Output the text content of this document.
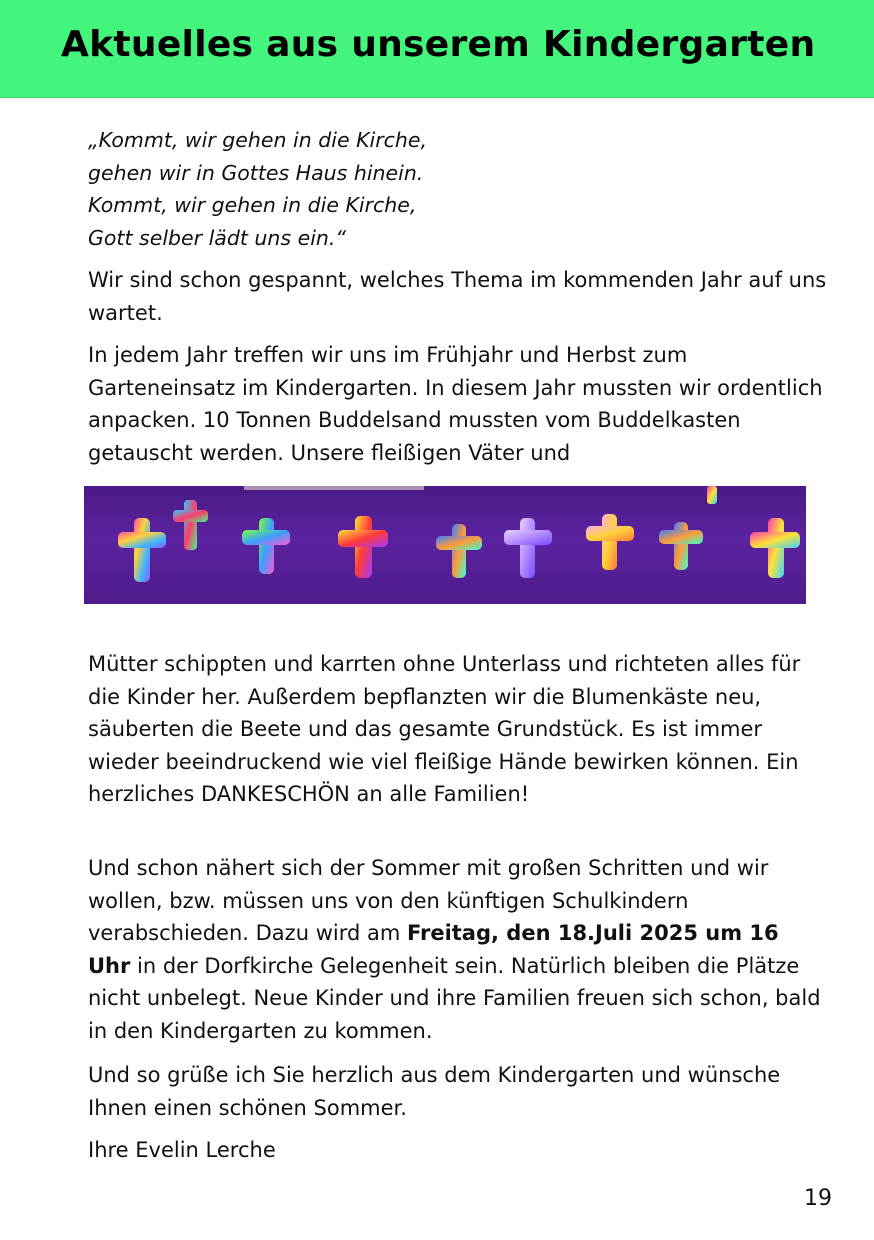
Aktuelles aus unserem Kindergarten
„Kommt, wir gehen in die Kirche,
gehen wir in Gottes Haus hinein.
Kommt, wir gehen in die Kirche,
Gott selber lädt uns ein.“

Wir sind schon gespannt, welches Thema im kommenden Jahr auf uns wartet.

In jedem Jahr treffen wir uns im Frühjahr und Herbst zum Garteneinsatz im Kindergarten. In diesem Jahr mussten wir ordentlich anpacken. 10 Tonnen Buddelsand mussten vom Buddelkasten getauscht werden. Unsere fleißigen Väter und

Mütter schippten und karrten ohne Unterlass und richteten alles für die Kinder her. Außerdem bepflanzten wir die Blumenkäste neu, säuberten die Beete und das gesamte Grundstück. Es ist immer wieder beeindruckend wie viel fleißige Hände bewirken können. Ein herzliches DANKESCHÖN an alle Familien!

Und schon nähert sich der Sommer mit großen Schritten und wir wollen, bzw. müssen uns von den künftigen Schulkindern verabschieden. Dazu wird am Freitag, den 18.Juli 2025 um 16 Uhr in der Dorfkirche Gelegenheit sein. Natürlich bleiben die Plätze nicht unbelegt. Neue Kinder und ihre Familien freuen sich schon, bald in den Kindergarten zu kommen.

Und so grüße ich Sie herzlich aus dem Kindergarten und wünsche Ihnen einen schönen Sommer.

Ihre Evelin Lerche

19
